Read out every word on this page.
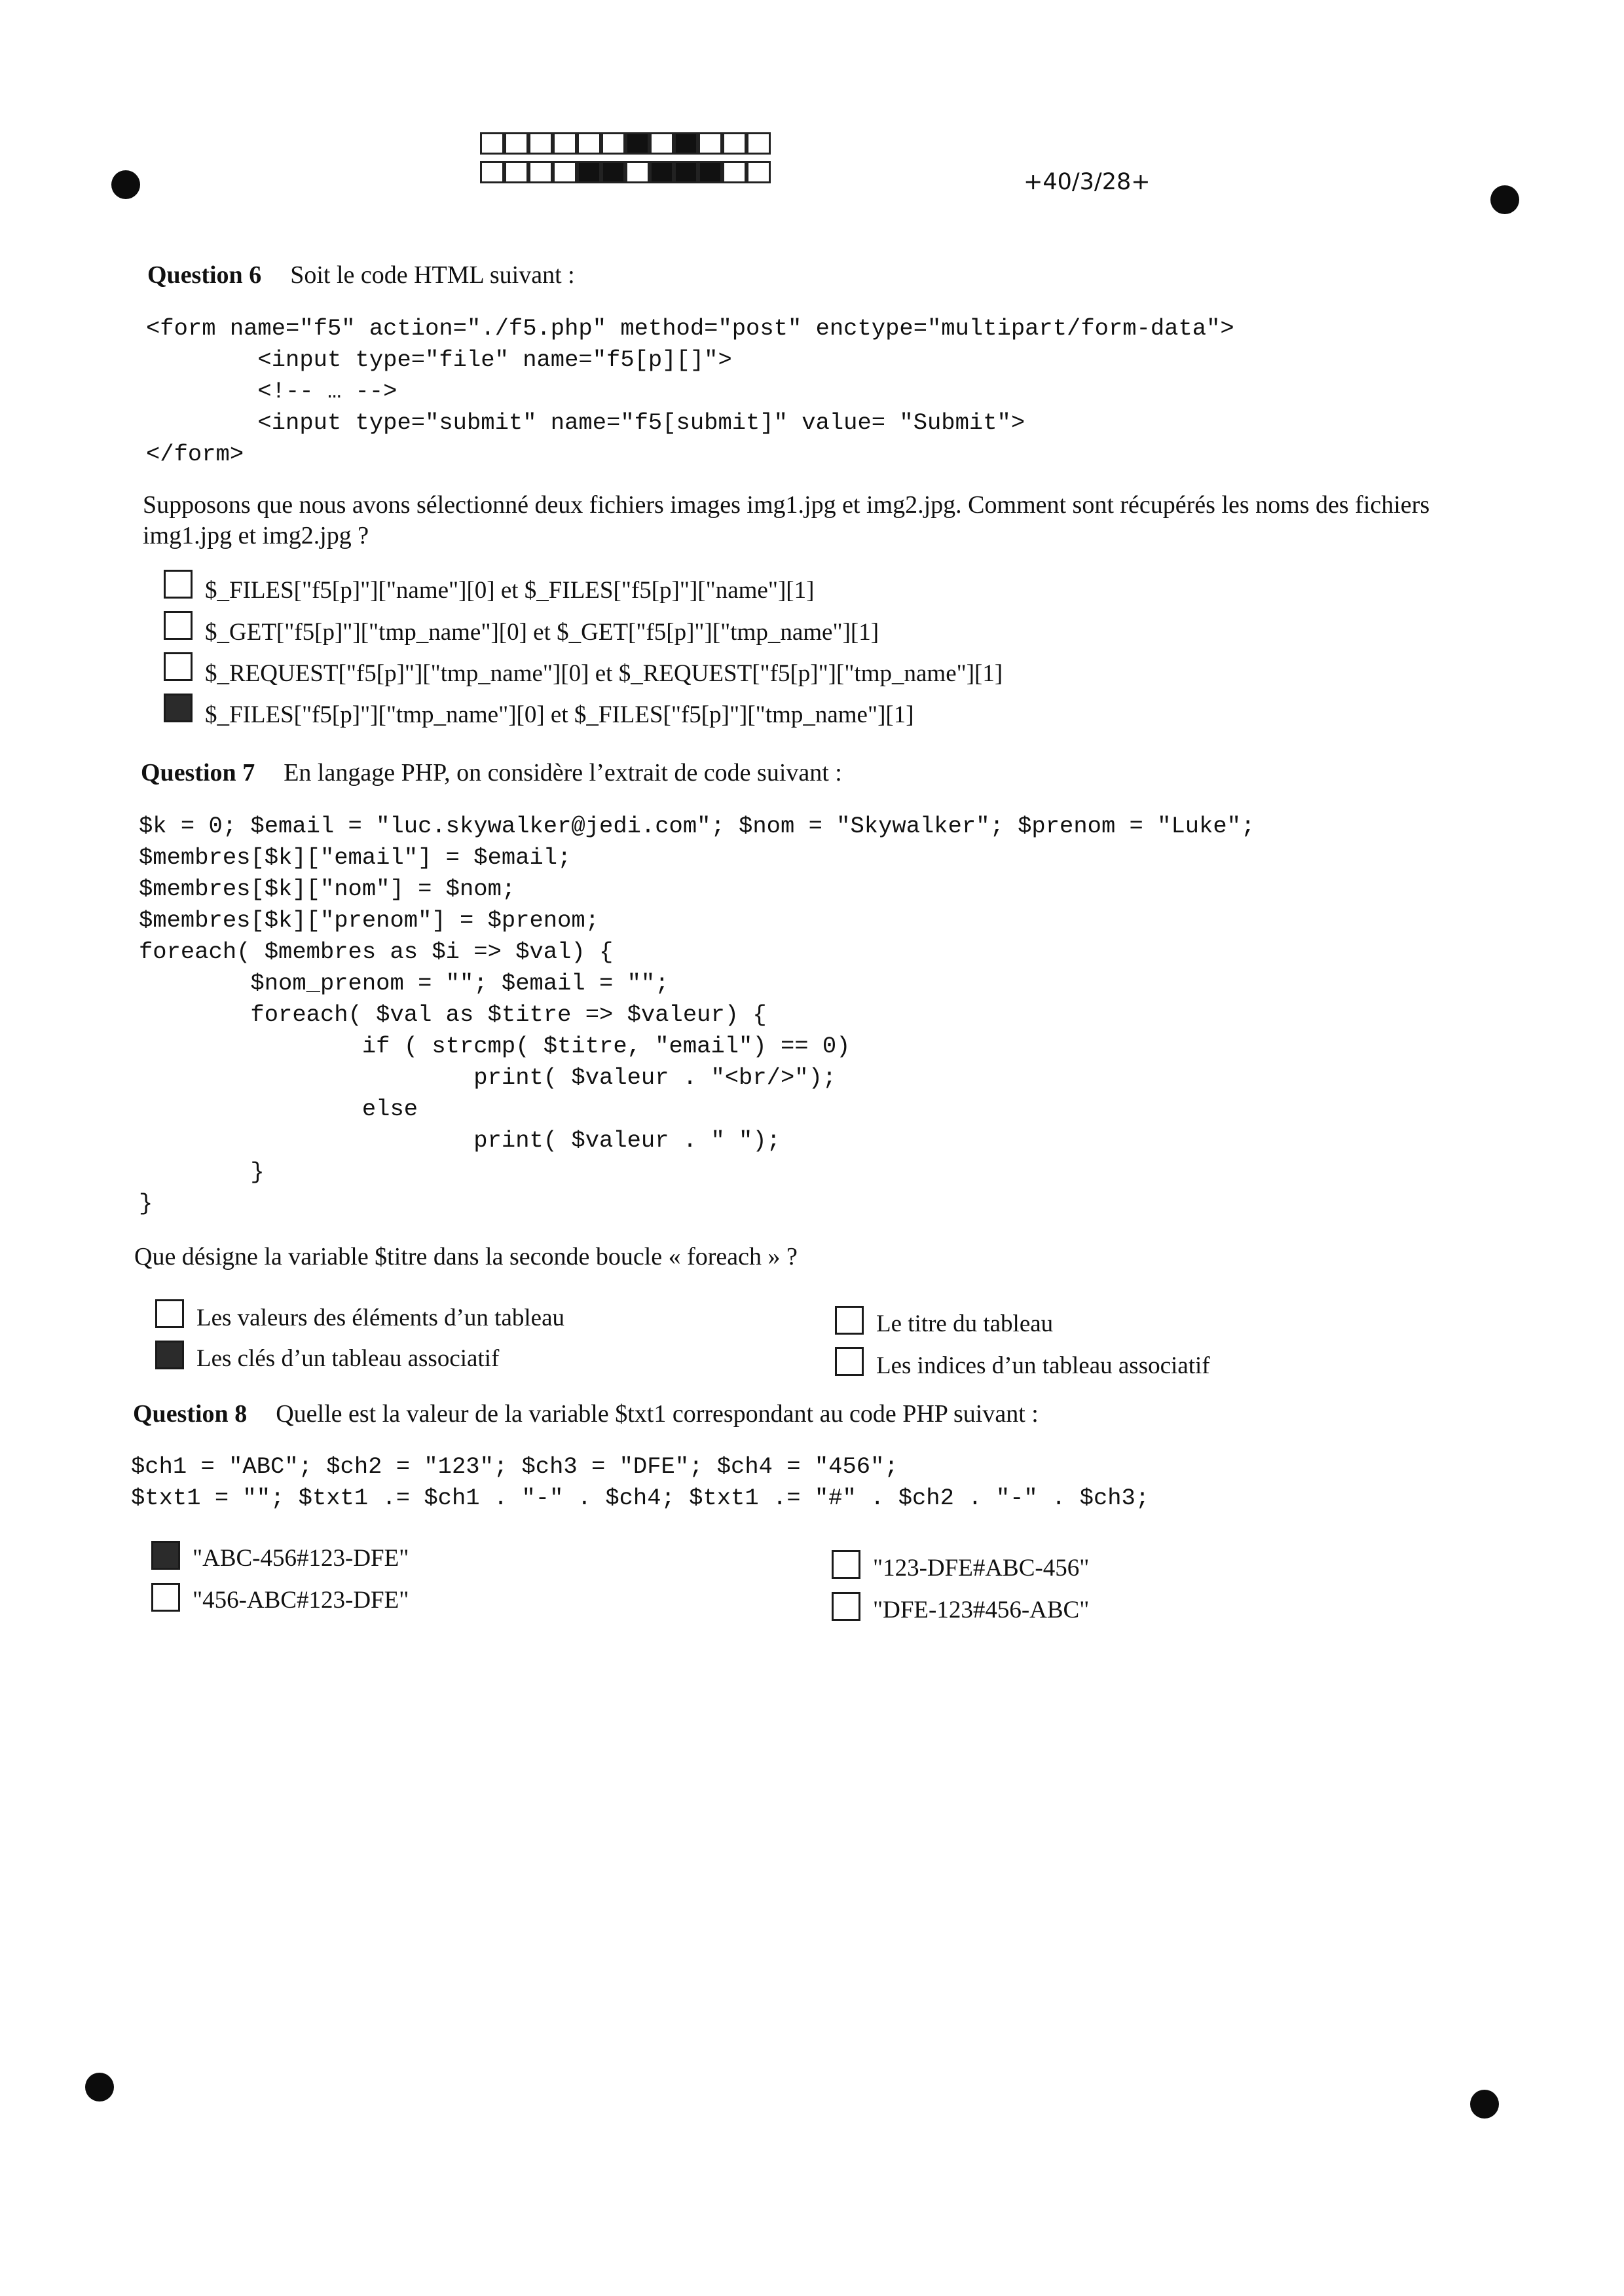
+40/3/28+
Question 6 Soit le code HTML suivant :
<form name="f5" action="./f5.php" method="post" enctype="multipart/form-data">
<input type="file" name="f5[p][]">
<!-- … -->
<input type="submit" name="f5[submit]" value= "Submit">
</form>
Supposons que nous avons sélectionné deux fichiers images img1.jpg et img2.jpg. Comment sont récupérés les noms des fichiers img1.jpg et img2.jpg ?
$_FILES["f5[p]"]["name"][0] et $_FILES["f5[p]"]["name"][1]
$_GET["f5[p]"]["tmp_name"][0] et $_GET["f5[p]"]["tmp_name"][1]
$_REQUEST["f5[p]"]["tmp_name"][0] et $_REQUEST["f5[p]"]["tmp_name"][1]
$_FILES["f5[p]"]["tmp_name"][0] et $_FILES["f5[p]"]["tmp_name"][1]
Question 7 En langage PHP, on considère l’extrait de code suivant :
$k = 0; $email = "luc.skywalker@jedi.com"; $nom = "Skywalker"; $prenom = "Luke";
$membres[$k]["email"] = $email;
$membres[$k]["nom"] = $nom;
$membres[$k]["prenom"] = $prenom;
foreach( $membres as $i => $val) {
$nom_prenom = ""; $email = "";
foreach( $val as $titre => $valeur) {
if ( strcmp( $titre, "email") == 0)
print( $valeur . "<br/>");
else
print( $valeur . " ");
}
}
Que désigne la variable $titre dans la seconde boucle « foreach » ?
Les valeurs des éléments d’un tableau
Les clés d’un tableau associatif
Le titre du tableau
Les indices d’un tableau associatif
Question 8 Quelle est la valeur de la variable $txt1 correspondant au code PHP suivant :
$ch1 = "ABC"; $ch2 = "123"; $ch3 = "DFE"; $ch4 = "456";
$txt1 = ""; $txt1 .= $ch1 . "-" . $ch4; $txt1 .= "#" . $ch2 . "-" . $ch3;
"ABC-456#123-DFE"
"456-ABC#123-DFE"
"123-DFE#ABC-456"
"DFE-123#456-ABC"
